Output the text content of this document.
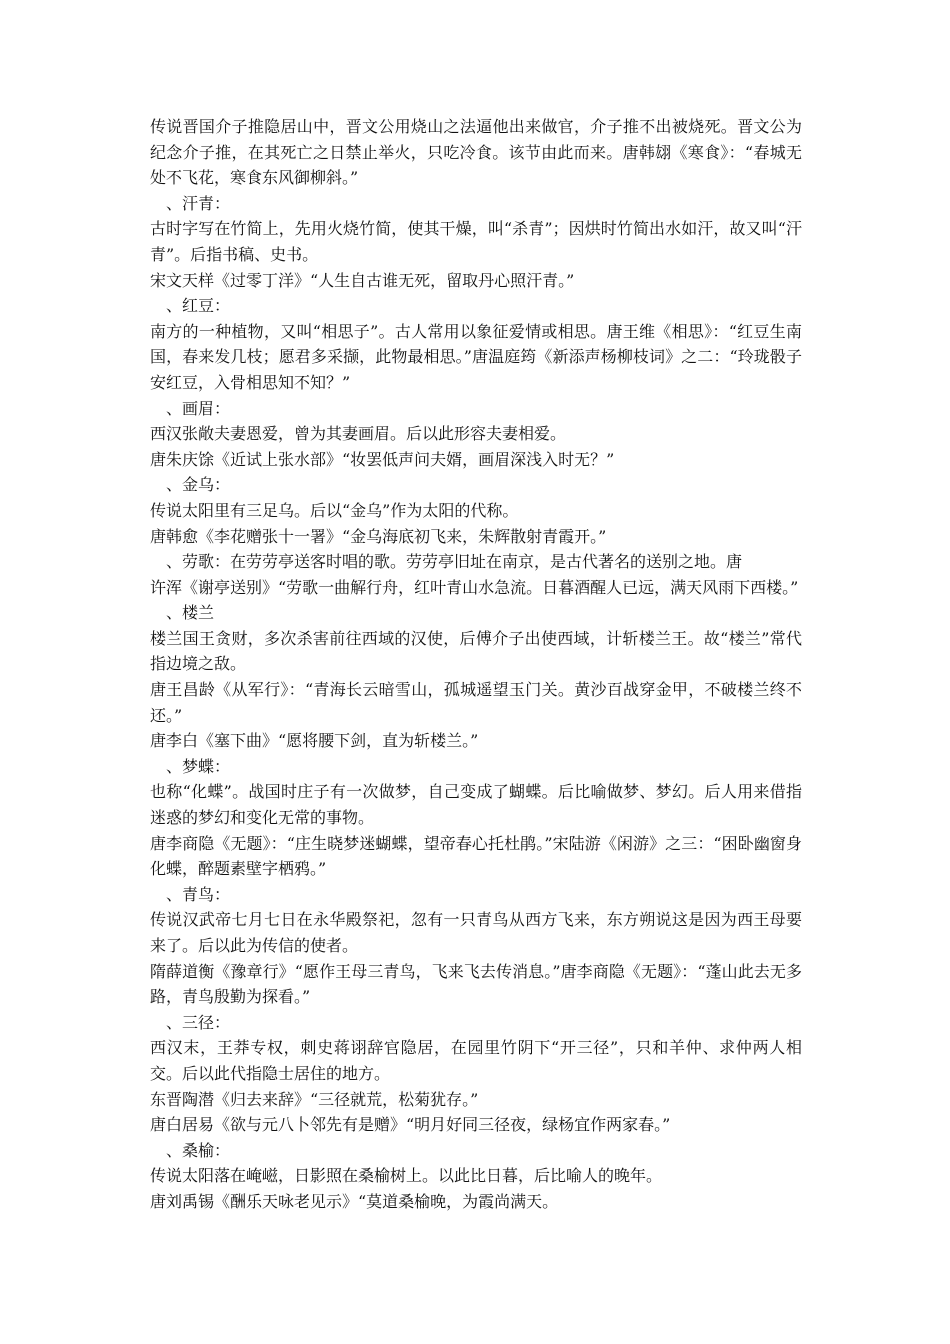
传说晋国介子推隐居山中，晋文公用烧山之法逼他出来做官，介子推不出被烧死。晋文公为纪念介子推，在其死亡之日禁止举火，只吃冷食。该节由此而来。唐韩翃《寒食》：“春城无处不飞花，寒食东风御柳斜。”

、汗青：

古时字写在竹简上，先用火烧竹简，使其干燥，叫“杀青”；因烘时竹简出水如汗，故又叫“汗青”。后指书稿、史书。

宋文天样《过零丁洋》“人生自古谁无死，留取丹心照汗青。”

、红豆：

南方的一种植物，又叫“相思子”。古人常用以象征爱情或相思。唐王维《相思》：“红豆生南国，春来发几枝；愿君多采撷，此物最相思。”唐温庭筠《新添声杨柳枝词》之二：“玲珑骰子安红豆，入骨相思知不知？”

、画眉：

西汉张敞夫妻恩爱，曾为其妻画眉。后以此形容夫妻相爱。

唐朱庆馀《近试上张水部》“妆罢低声问夫婿，画眉深浅入时无？”

、金乌：

传说太阳里有三足乌。后以“金乌”作为太阳的代称。

唐韩愈《李花赠张十一署》“金乌海底初飞来，朱辉散射青霞开。”

、劳歌：在劳劳亭送客时唱的歌。劳劳亭旧址在南京，是古代著名的送别之地。唐

许浑《谢亭送别》“劳歌一曲解行舟，红叶青山水急流。日暮酒醒人已远，满天风雨下西楼。”

、楼兰

楼兰国王贪财，多次杀害前往西域的汉使，后傅介子出使西域，计斩楼兰王。故“楼兰”常代指边境之敌。

唐王昌龄《从军行》：“青海长云暗雪山，孤城遥望玉门关。黄沙百战穿金甲，不破楼兰终不还。”

唐李白《塞下曲》“愿将腰下剑，直为斩楼兰。”

、梦蝶：

也称“化蝶”。战国时庄子有一次做梦，自己变成了蝴蝶。后比喻做梦、梦幻。后人用来借指迷惑的梦幻和变化无常的事物。

唐李商隐《无题》：“庄生晓梦迷蝴蝶，望帝春心托杜鹃。”宋陆游《闲游》之三：“困卧幽窗身化蝶，醉题素壁字栖鸦。”

、青鸟：

传说汉武帝七月七日在永华殿祭祀，忽有一只青鸟从西方飞来，东方朔说这是因为西王母要来了。后以此为传信的使者。

隋薛道衡《豫章行》“愿作王母三青鸟，飞来飞去传消息。”唐李商隐《无题》：“蓬山此去无多路，青鸟殷勤为探看。”

、三径：

西汉末，王莽专权，刺史蒋诩辞官隐居，在园里竹阴下“开三径”，只和羊仲、求仲两人相交。后以此代指隐士居住的地方。

东晋陶潜《归去来辞》“三径就荒，松菊犹存。”

唐白居易《欲与元八卜邻先有是赠》“明月好同三径夜，绿杨宜作两家春。”

、桑榆：

传说太阳落在崦嵫，日影照在桑榆树上。以此比日暮，后比喻人的晚年。

唐刘禹锡《酬乐天咏老见示》“莫道桑榆晚，为霞尚满天。
